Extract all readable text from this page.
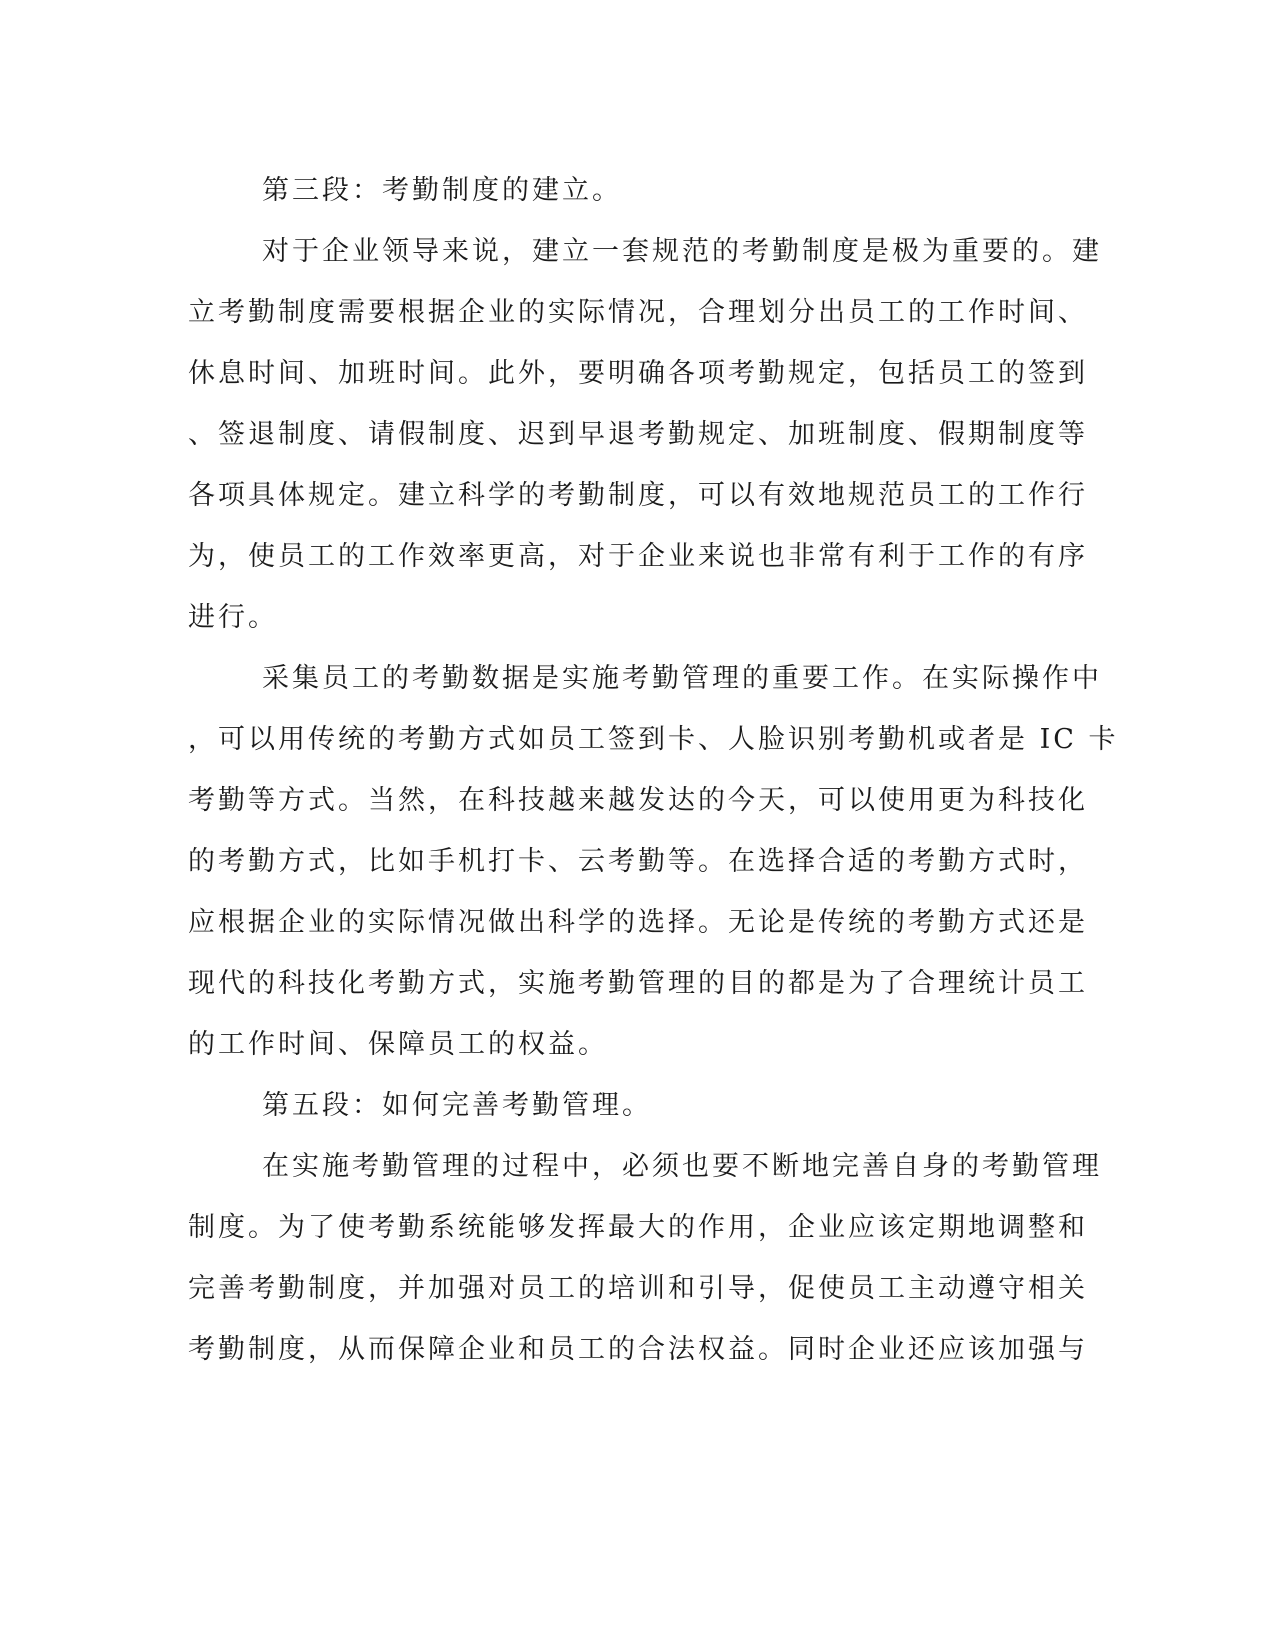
第三段：考勤制度的建立。
对于企业领导来说，建立一套规范的考勤制度是极为重要的。建
立考勤制度需要根据企业的实际情况，合理划分出员工的工作时间、
休息时间、加班时间。此外，要明确各项考勤规定，包括员工的签到
、签退制度、请假制度、迟到早退考勤规定、加班制度、假期制度等
各项具体规定。建立科学的考勤制度，可以有效地规范员工的工作行
为，使员工的工作效率更高，对于企业来说也非常有利于工作的有序
进行。
采集员工的考勤数据是实施考勤管理的重要工作。在实际操作中
，可以用传统的考勤方式如员工签到卡、人脸识别考勤机或者是 IC 卡
考勤等方式。当然，在科技越来越发达的今天，可以使用更为科技化
的考勤方式，比如手机打卡、云考勤等。在选择合适的考勤方式时，
应根据企业的实际情况做出科学的选择。无论是传统的考勤方式还是
现代的科技化考勤方式，实施考勤管理的目的都是为了合理统计员工
的工作时间、保障员工的权益。
第五段：如何完善考勤管理。
在实施考勤管理的过程中，必须也要不断地完善自身的考勤管理
制度。为了使考勤系统能够发挥最大的作用，企业应该定期地调整和
完善考勤制度，并加强对员工的培训和引导，促使员工主动遵守相关
考勤制度，从而保障企业和员工的合法权益。同时企业还应该加强与
